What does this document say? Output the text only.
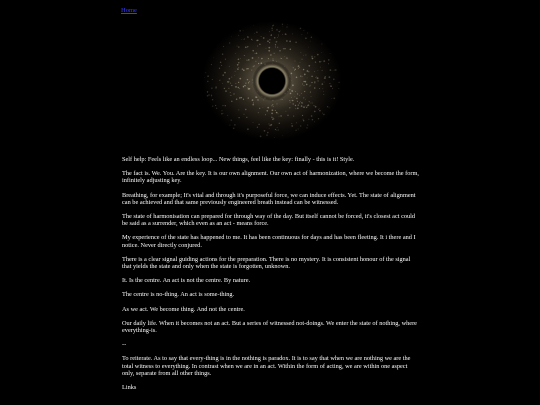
Home

Self help: Feels like an endless loop... New things, feel like the key: finally - this is it! Style.

The fact is. We. You. Are the key. It is our own alignment. Our own act of harmonization, where we become the form, infinitely adjusting key.

Breathing, for example; It's vital and through it's purposeful force, we can induce effects. Yet. The state of alignment can be achieved and that same previously engineered breath instead can be witnessed.

The state of harmonisation can prepared for through way of the day. But itself cannot be forced, it's closest act could be said as a surrender, which even as an act - means force.

My experience of the state has happened to me. It has been continuous for days and has been fleeting. It i there and I notice. Never directly conjured.

There is a clear signal guiding actions for the preparation. There is no mystery. It is consistent honour of the signal that yields the state and only when the state is forgotten, unknown.

It. Is the centre. An act is not the centre. By nature.

The centre is no-thing. An act is some-thing.

As we act. We become thing. And not the centre.

Our daily life. When it becomes not an act. But a series of witnessed not-doings. We enter the state of nothing, where everything-is.

--

To reiterate. As to say that every-thing is in the nothing is paradox. It is to say that when we are nothing we are the total witness to everything. In contrast when we are in an act. Within the form of acting, we are within one aspect only, separate from all other things.

Links
